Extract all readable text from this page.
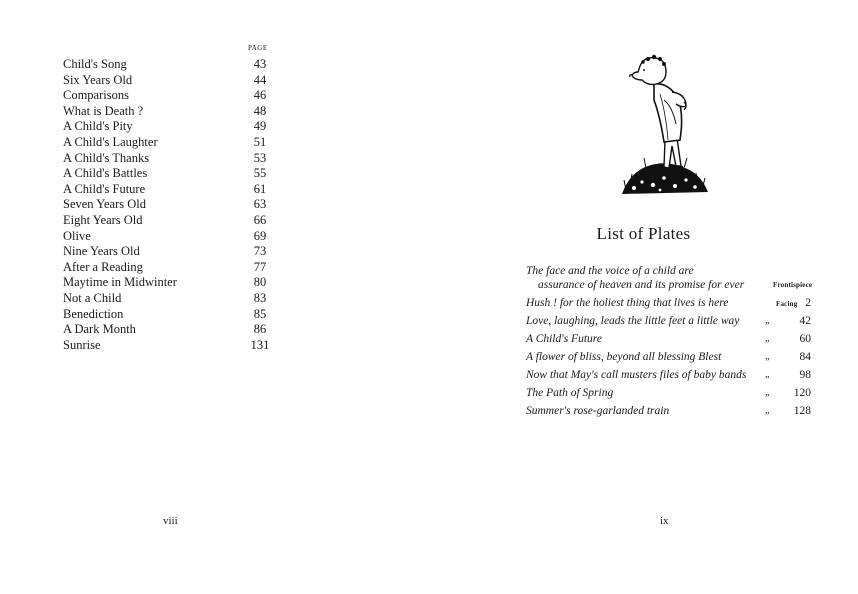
PAGE
Child's Song	43
Six Years Old	44
Comparisons	46
What is Death ?	48
A Child's Pity	49
A Child's Laughter	51
A Child's Thanks	53
A Child's Battles	55
A Child's Future	61
Seven Years Old	63
Eight Years Old	66
Olive	69
Nine Years Old	73
After a Reading	77
Maytime in Midwinter	80
Not a Child	83
Benediction	85
A Dark Month	86
Sunrise	131
viii
List of Plates
The face and the voice of a child are
assurance of heaven and its promise for ever	Frontispiece
Hush ! for the holiest thing that lives is here	Facing 2
Love, laughing, leads the little feet a little way	„	42
A Child's Future	„	60
A flower of bliss, beyond all blessing Blest	„	84
Now that May's call musters files of baby bands „	98
The Path of Spring	„ 120
Summer's rose-garlanded train	„ 128
ix
